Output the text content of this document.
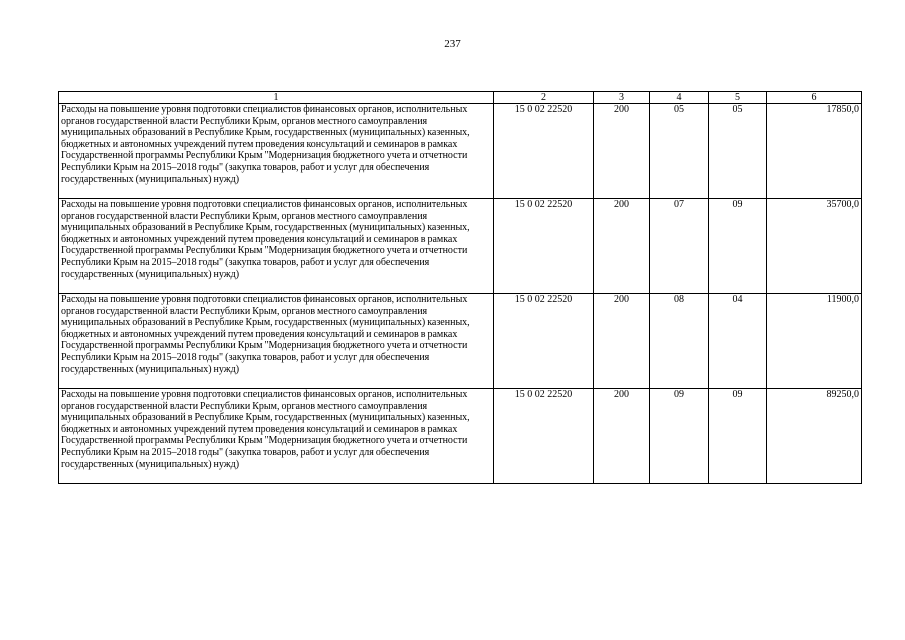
237
1	2	3	4	5	6
Расходы на повышение уровня подготовки специалистов финансовых органов, исполнительных органов государственной власти Республики Крым, органов местного самоуправления муниципальных образований в Республике Крым, государственных (муниципальных) казенных, бюджетных и автономных учреждений путем проведения консультаций и семинаров в рамках Государственной программы Республики Крым "Модернизация бюджетного учета и отчетности Республики Крым на 2015–2018 годы" (закупка товаров, работ и услуг для обеспечения государственных (муниципальных) нужд)	15 0 02 22520	200	05	05	17850,0
Расходы на повышение уровня подготовки специалистов финансовых органов, исполнительных органов государственной власти Республики Крым, органов местного самоуправления муниципальных образований в Республике Крым, государственных (муниципальных) казенных, бюджетных и автономных учреждений путем проведения консультаций и семинаров в рамках Государственной программы Республики Крым "Модернизация бюджетного учета и отчетности Республики Крым на 2015–2018 годы" (закупка товаров, работ и услуг для обеспечения государственных (муниципальных) нужд)	15 0 02 22520	200	07	09	35700,0
Расходы на повышение уровня подготовки специалистов финансовых органов, исполнительных органов государственной власти Республики Крым, органов местного самоуправления муниципальных образований в Республике Крым, государственных (муниципальных) казенных, бюджетных и автономных учреждений путем проведения консультаций и семинаров в рамках Государственной программы Республики Крым "Модернизация бюджетного учета и отчетности Республики Крым на 2015–2018 годы" (закупка товаров, работ и услуг для обеспечения государственных (муниципальных) нужд)	15 0 02 22520	200	08	04	11900,0
Расходы на повышение уровня подготовки специалистов финансовых органов, исполнительных органов государственной власти Республики Крым, органов местного самоуправления муниципальных образований в Республике Крым, государственных (муниципальных) казенных, бюджетных и автономных учреждений путем проведения консультаций и семинаров в рамках Государственной программы Республики Крым "Модернизация бюджетного учета и отчетности Республики Крым на 2015–2018 годы" (закупка товаров, работ и услуг для обеспечения государственных (муниципальных) нужд)	15 0 02 22520	200	09	09	89250,0
